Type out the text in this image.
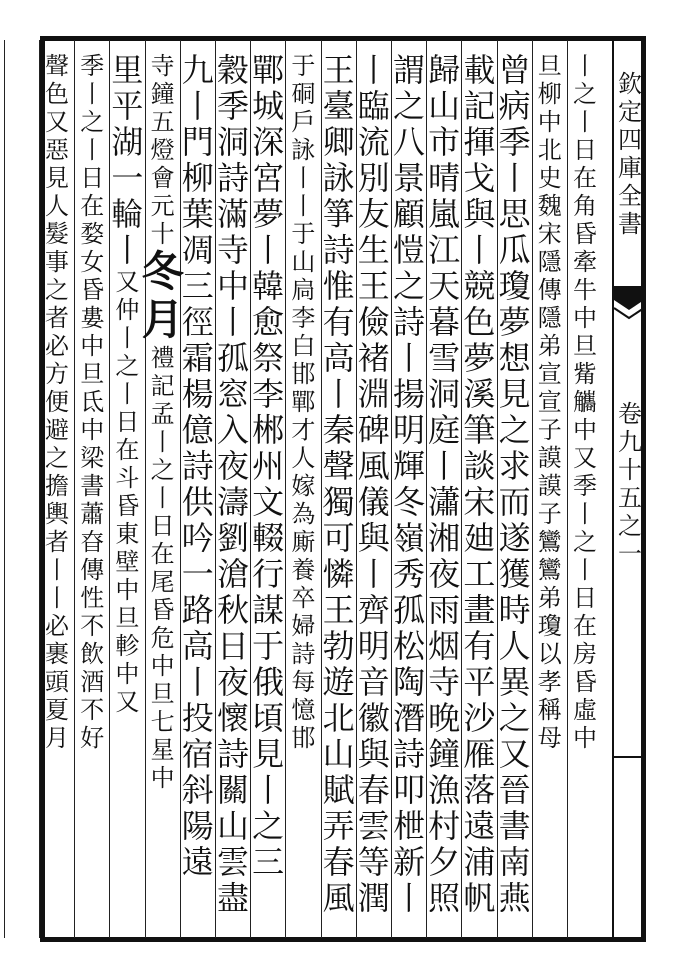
欽
定
四
庫
全
書
卷
九
十
五
之
一
丨
之
丨
日
在
角
昏
牽
牛
中
旦
觜
觿
中
又
季
丨
之
丨
日
在
房
昏
虛
中
旦
柳
中
北
史
魏
宋
隱
傳
隱
弟
宣
宣
子
謨
謨
子
鸞
鸞
弟
瓊
以
孝
稱
母
曾
病
季
丨
思
瓜
瓊
夢
想
見
之
求
而
遂
獲
時
人
異
之
又
晉
書
南
燕
載
記
揮
戈
與
丨
競
色
夢
溪
筆
談
宋
廸
工
畫
有
平
沙
雁
落
遠
浦
帆
歸
山
市
晴
嵐
江
天
暮
雪
洞
庭
丨
瀟
湘
夜
雨
烟
寺
晚
鐘
漁
村
夕
照
謂
之
八
景
顧
愷
之
詩
丨
揚
明
輝
冬
嶺
秀
孤
松
陶
潛
詩
叩
枻
新
丨
丨
臨
流
別
友
生
王
儉
褚
淵
碑
風
儀
與
丨
齊
明
音
徽
與
春
雲
等
潤
王
臺
卿
詠
箏
詩
惟
有
高
丨
秦
聲
獨
可
憐
王
勃
遊
北
山
賦
弄
春
風
于
硐
戶
詠
丨
丨
于
山
扃
李
白
邯
鄲
才
人
嫁
為
廝
養
卒
婦
詩
每
憶
邯
鄲
城
深
宮
夢
丨
韓
愈
祭
李
郴
州
文
輟
行
謀
于
俄
頃
見
丨
之
三
穀
季
洞
詩
滿
寺
中
丨
孤
窓
入
夜
濤
劉
滄
秋
日
夜
懷
詩
關
山
雲
盡
九
丨
門
柳
葉
凋
三
徑
霜
楊
億
詩
供
吟
一
路
高
丨
投
宿
斜
陽
遠
寺
鐘
五
燈
會
元
十
冬
月
禮
記
孟
丨
之
丨
日
在
尾
昏
危
中
旦
七
星
中
里
平
湖
一
輪
丨
又
仲
丨
之
丨
日
在
斗
昏
東
壁
中
旦
軫
中
又
季
丨
之
丨
日
在
婺
女
昏
婁
中
旦
氐
中
梁
書
蕭
昚
傳
性
不
飲
酒
不
好
聲
色
又
惡
見
人
髮
事
之
者
必
方
便
避
之
擔
輿
者
丨
丨
必
裹
頭
夏
月
